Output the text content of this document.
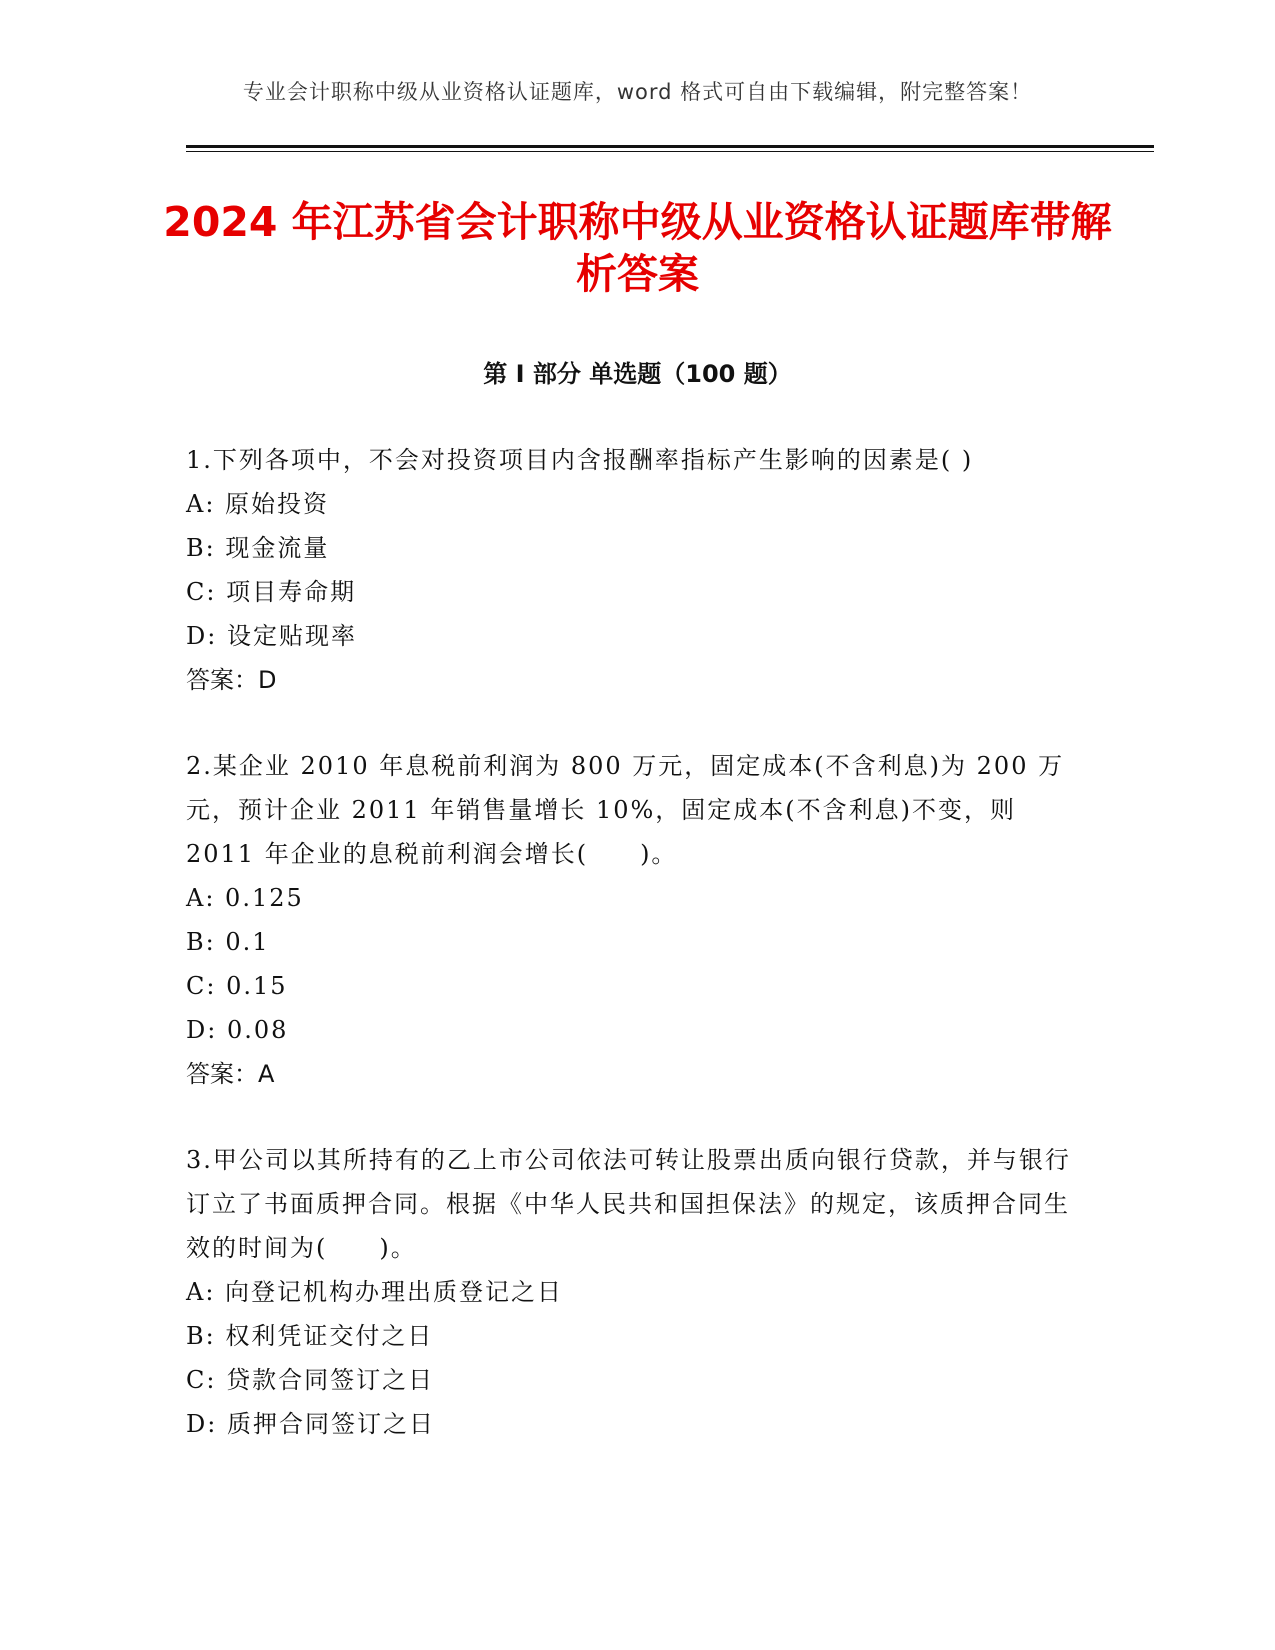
专业会计职称中级从业资格认证题库，word 格式可自由下载编辑，附完整答案！
2024 年江苏省会计职称中级从业资格认证题库带解析答案
第 I 部分 单选题（100 题）
1.下列各项中，不会对投资项目内含报酬率指标产生影响的因素是( )
A: 原始投资
B: 现金流量
C: 项目寿命期
D: 设定贴现率
答案：D
2.某企业 2010 年息税前利润为 800 万元，固定成本(不含利息)为 200 万元，预计企业 2011 年销售量增长 10%，固定成本(不含利息)不变，则 2011 年企业的息税前利润会增长(　　)。
A: 0.125
B: 0.1
C: 0.15
D: 0.08
答案：A
3.甲公司以其所持有的乙上市公司依法可转让股票出质向银行贷款，并与银行订立了书面质押合同。根据《中华人民共和国担保法》的规定，该质押合同生效的时间为(　　)。
A: 向登记机构办理出质登记之日
B: 权利凭证交付之日
C: 贷款合同签订之日
D: 质押合同签订之日
